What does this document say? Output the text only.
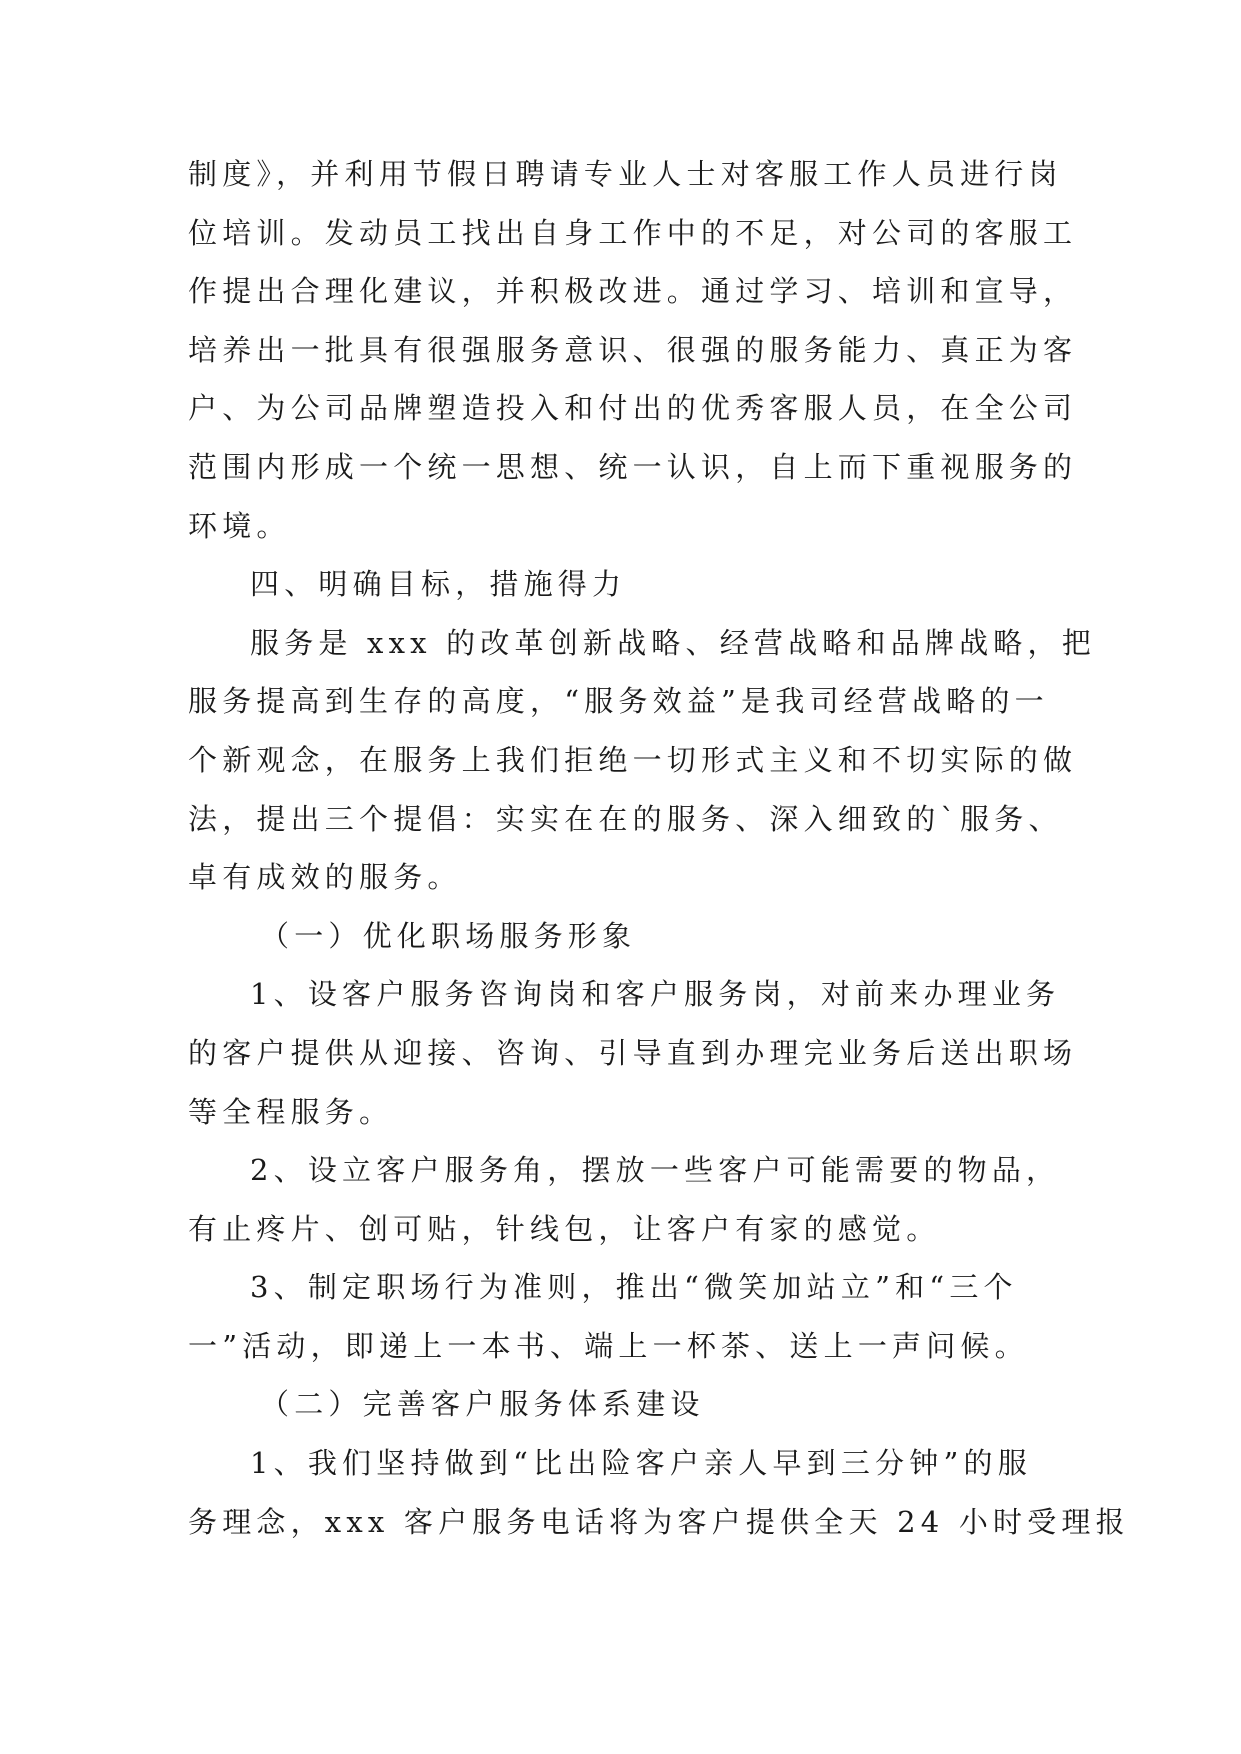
制度》，并利用节假日聘请专业人士对客服工作人员进行岗
位培训。发动员工找出自身工作中的不足，对公司的客服工
作提出合理化建议，并积极改进。通过学习、培训和宣导，
培养出一批具有很强服务意识、很强的服务能力、真正为客
户、为公司品牌塑造投入和付出的优秀客服人员，在全公司
范围内形成一个统一思想、统一认识，自上而下重视服务的
环境。
四、明确目标，措施得力
服务是 xxx 的改革创新战略、经营战略和品牌战略，把
服务提高到生存的高度，“服务效益”是我司经营战略的一
个新观念，在服务上我们拒绝一切形式主义和不切实际的做
法，提出三个提倡：实实在在的服务、深入细致的`服务、
卓有成效的服务。
（一）优化职场服务形象
1、设客户服务咨询岗和客户服务岗，对前来办理业务
的客户提供从迎接、咨询、引导直到办理完业务后送出职场
等全程服务。
2、设立客户服务角，摆放一些客户可能需要的物品，
有止疼片、创可贴，针线包，让客户有家的感觉。
3、制定职场行为准则，推出“微笑加站立”和“三个
一”活动，即递上一本书、端上一杯茶、送上一声问候。
（二）完善客户服务体系建设
1、我们坚持做到“比出险客户亲人早到三分钟”的服
务理念，xxx 客户服务电话将为客户提供全天 24 小时受理报
